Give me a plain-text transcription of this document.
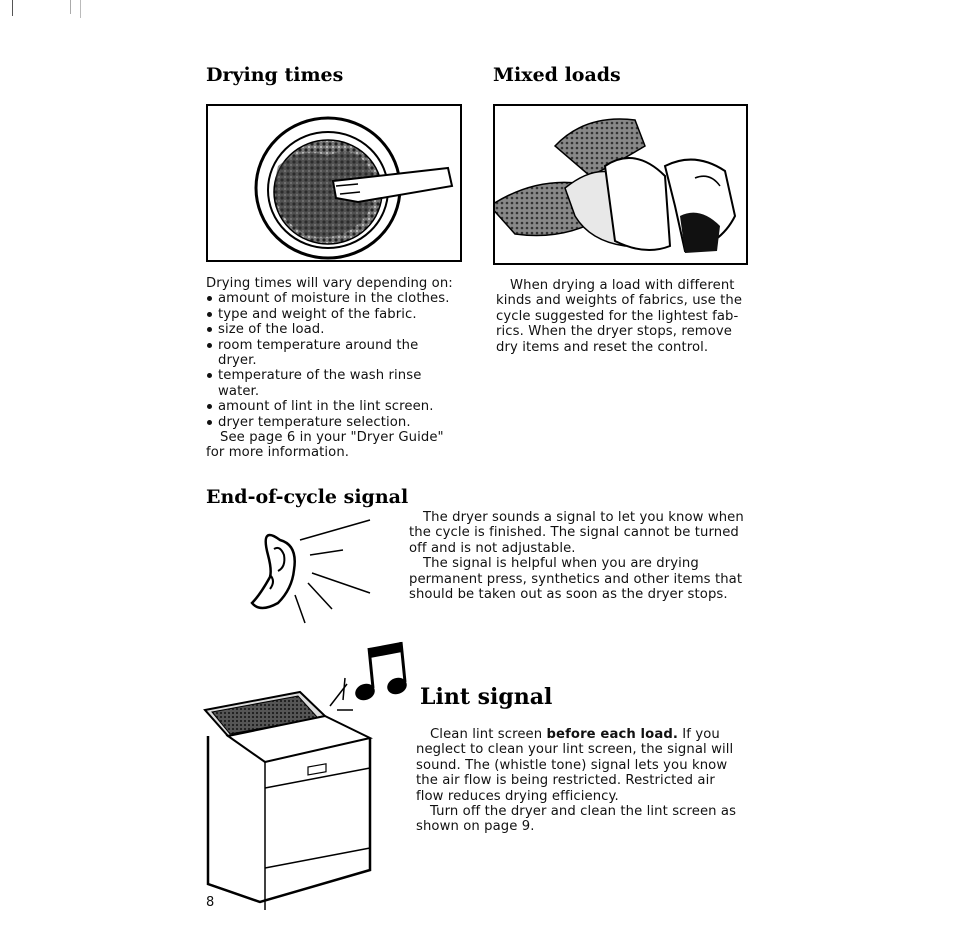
Drying times

Drying times will vary depending on:

amount of moisture in the clothes.
type and weight of the fabric.
size of the load.
room temperature around the dryer.
temperature of the wash rinse water.
amount of lint in the lint screen.
dryer temperature selection.

See page 6 in your "Dryer Guide" for more information.

Mixed loads

When drying a load with different kinds and weights of fabrics, use the cycle suggested for the lightest fab- rics. When the dryer stops, remove dry items and reset the control.

End-of-cycle signal

The dryer sounds a signal to let you know when the cycle is finished. The signal cannot be turned off and is not adjustable.

The signal is helpful when you are drying permanent press, synthetics and other items that should be taken out as soon as the dryer stops.

Lint signal

Clean lint screen before each load. If you neglect to clean your lint screen, the signal will sound. The (whistle tone) signal lets you know the air flow is being restricted. Restricted air flow reduces drying efficiency.

Turn off the dryer and clean the lint screen as shown on page 9.

8
